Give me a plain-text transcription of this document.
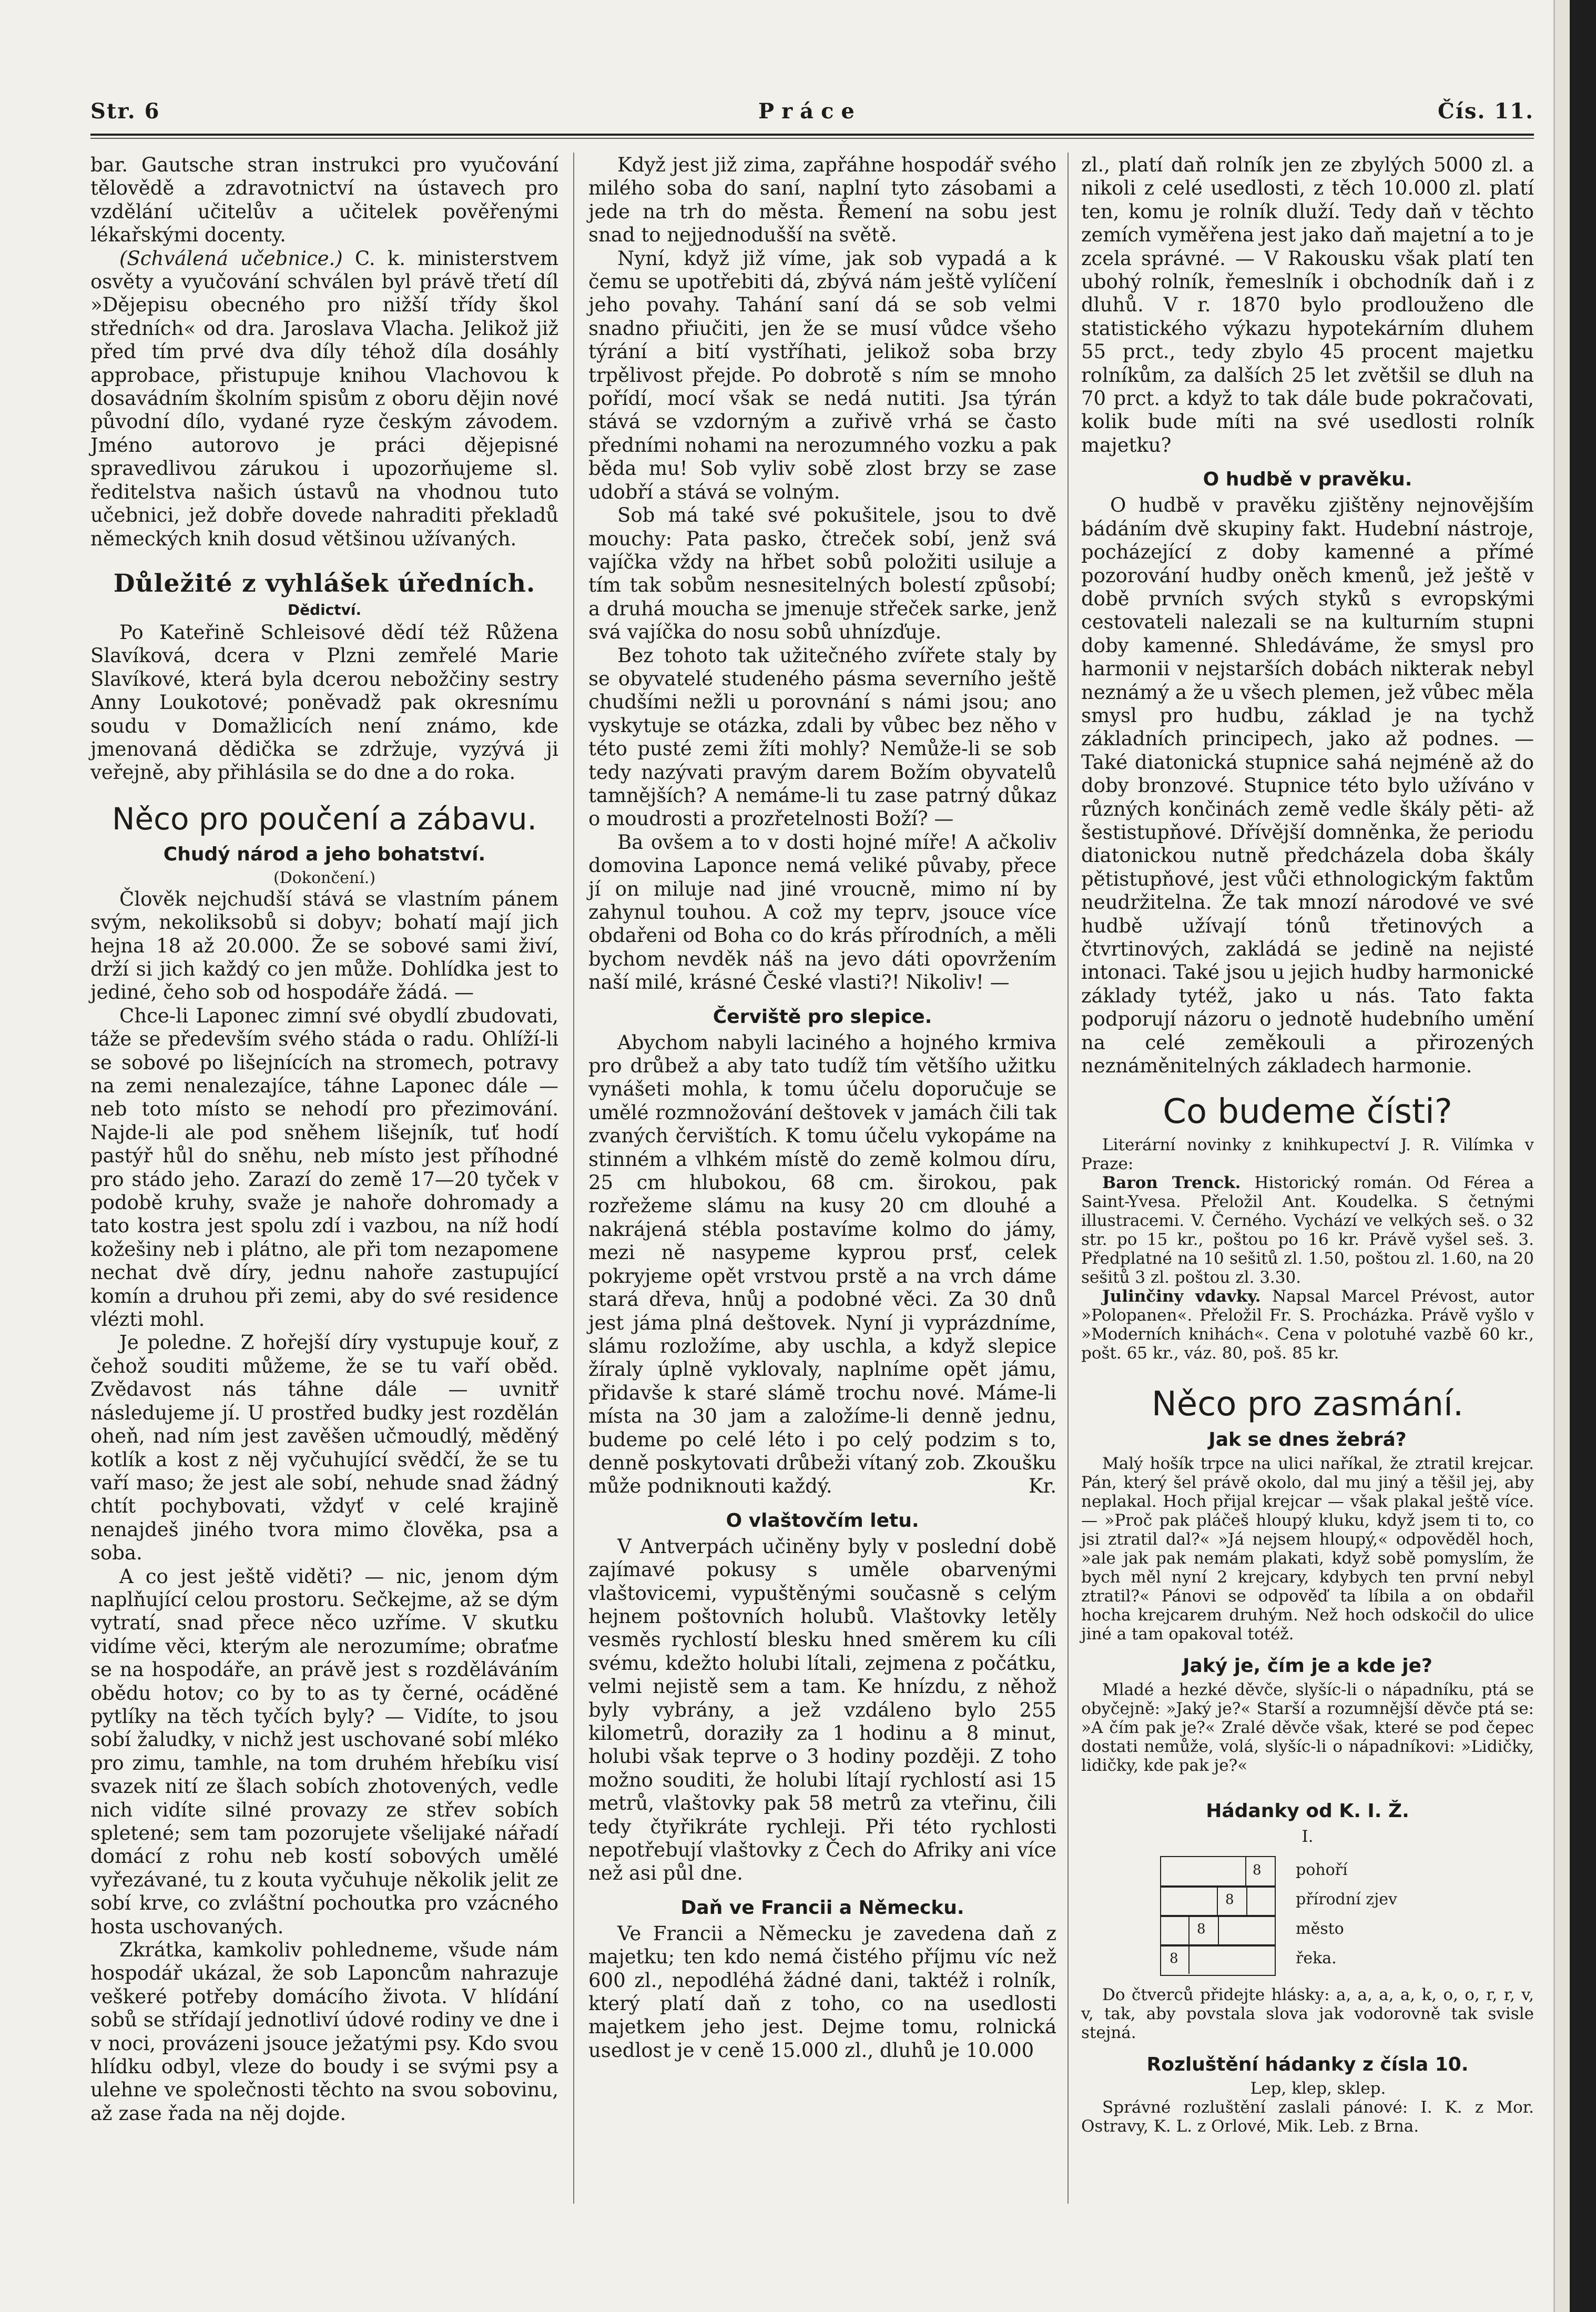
Str. 6	Práce	Čís. 11.

bar. Gautsche stran instrukci pro vyučování tělovědě a zdravotnictví na ústavech pro vzdělání učitelův a učitelek pověřenými lékařskými docenty.

(Schválená učebnice.) C. k. ministerstvem osvěty a vyučování schválen byl právě třetí díl »Dějepisu obecného pro nižší třídy škol středních« od dra. Jaroslava Vlacha. Jelikož již před tím prvé dva díly téhož díla dosáhly approbace, přistupuje knihou Vlachovou k dosavádním školním spisům z oboru dějin nové původní dílo, vydané ryze českým závodem. Jméno autorovo je práci dějepisné spravedlivou zárukou i upozorňujeme sl. ředitelstva našich ústavů na vhodnou tuto učebnici, jež dobře dovede nahraditi překladů německých knih dosud většinou užívaných.

Důležité z vyhlášek úředních.
Dědictví.

Po Kateřině Schleisové dědí též Růžena Slavíková, dcera v Plzni zemřelé Marie Slavíkové, která byla dcerou nebožčiny sestry Anny Loukotové; poněvadž pak okresnímu soudu v Domažlicích není známo, kde jmenovaná dědička se zdržuje, vyzývá ji veřejně, aby přihlásila se do dne a do roka.

Něco pro poučení a zábavu.
Chudý národ a jeho bohatství.
(Dokončení.)

Člověk nejchudší stává se vlastním pánem svým, nekoliksobů si dobyv; bohatí mají jich hejna 18 až 20.000. Že se sobové sami živí, drží si jich každý co jen může. Dohlídka jest to jediné, čeho sob od hospodáře žádá. —

Chce-li Laponec zimní své obydlí zbudovati, táže se především svého stáda o radu. Ohlíží-li se sobové po lišejnících na stromech, potravy na zemi nenalezajíce, táhne Laponec dále — neb toto místo se nehodí pro přezimování. Najde-li ale pod sněhem lišejník, tuť hodí pastýř hůl do sněhu, neb místo jest příhodné pro stádo jeho. Zarazí do země 17—20 tyček v podobě kruhy, svaže je nahoře dohromady a tato kostra jest spolu zdí i vazbou, na níž hodí kožešiny neb i plátno, ale při tom nezapomene nechat dvě díry, jednu nahoře zastupující komín a druhou při zemi, aby do své residence vlézti mohl.

Je poledne. Z hořejší díry vystupuje kouř, z čehož souditi můžeme, že se tu vaří oběd. Zvědavost nás táhne dále — uvnitř následujeme jí. U prostřed budky jest rozdělán oheň, nad ním jest zavěšen učmoudlý, měděný kotlík a kost z něj vyčuhující svědčí, že se tu vaří maso; že jest ale sobí, nehude snad žádný chtít pochybovati, vždyť v celé krajině nenajdeš jiného tvora mimo člověka, psa a soba.

A co jest ještě viděti? — nic, jenom dým naplňující celou prostoru. Sečkejme, až se dým vytratí, snad přece něco uzříme. V skutku vidíme věci, kterým ale nerozumíme; obraťme se na hospodáře, an právě jest s rozděláváním obědu hotov; co by to as ty černé, ocáděné pytlíky na těch tyčích byly? — Vidíte, to jsou sobí žaludky, v nichž jest uschované sobí mléko pro zimu, tamhle, na tom druhém hřebíku visí svazek nití ze šlach sobích zhotovených, vedle nich vidíte silné provazy ze střev sobích spletené; sem tam pozorujete všelijaké nářadí domácí z rohu neb kostí sobových umělé vyřezávané, tu z kouta vyčuhuje několik jelit ze sobí krve, co zvláštní pochoutka pro vzácného hosta uschovaných.

Zkrátka, kamkoliv pohledneme, všude nám hospodář ukázal, že sob Laponcům nahrazuje veškeré potřeby domácího života. V hlídání sobů se střídají jednotliví údové rodiny ve dne i v noci, provázeni jsouce ježatými psy. Kdo svou hlídku odbyl, vleze do boudy i se svými psy a ulehne ve společnosti těchto na svou sobovinu, až zase řada na něj dojde.

Když jest již zima, zapřáhne hospodář svého milého soba do saní, naplní tyto zásobami a jede na trh do města. Řemení na sobu jest snad to nejjednodušší na světě.

Nyní, když již víme, jak sob vypadá a k čemu se upotřebiti dá, zbývá nám ještě vylíčení jeho povahy. Tahání saní dá se sob velmi snadno přiučiti, jen že se musí vůdce všeho týrání a bití vystříhati, jelikož soba brzy trpělivost přejde. Po dobrotě s ním se mnoho pořídí, mocí však se nedá nutiti. Jsa týrán stává se vzdorným a zuřivě vrhá se často předními nohami na nerozumného vozku a pak běda mu! Sob vyliv sobě zlost brzy se zase udobří a stává se volným.

Sob má také své pokušitele, jsou to dvě mouchy: Pata pasko, čtreček sobí, jenž svá vajíčka vždy na hřbet sobů položiti usiluje a tím tak sobům nesnesitelných bolestí způsobí; a druhá moucha se jmenuje střeček sarke, jenž svá vajíčka do nosu sobů uhnízďuje.

Bez tohoto tak užitečného zvířete staly by se obyvatelé studeného pásma severního ještě chudšími nežli u porovnání s námi jsou; ano vyskytuje se otázka, zdali by vůbec bez něho v této pusté zemi žíti mohly? Nemůže-li se sob tedy nazývati pravým darem Božím obyvatelů tamnějších? A nemáme-li tu zase patrný důkaz o moudrosti a prozřetelnosti Boží? —

Ba ovšem a to v dosti hojné míře! A ačkoliv domovina Laponce nemá veliké půvaby, přece jí on miluje nad jiné vroucně, mimo ní by zahynul touhou. A což my teprv, jsouce více obdařeni od Boha co do krás přírodních, a měli bychom nevděk náš na jevo dáti opovržením naší milé, krásné České vlasti?! Nikoliv! —

Červiště pro slepice.

Abychom nabyli laciného a hojného krmiva pro drůbež a aby tato tudíž tím většího užitku vynášeti mohla, k tomu účelu doporučuje se umělé rozmnožování deštovek v jamách čili tak zvaných červištích. K tomu účelu vykopáme na stinném a vlhkém místě do země kolmou díru, 25 cm hlubokou, 68 cm. širokou, pak rozřežeme slámu na kusy 20 cm dlouhé a nakrájená stébla postavíme kolmo do jámy, mezi ně nasypeme kyprou prsť, celek pokryjeme opět vrstvou prstě a na vrch dáme stará dřeva, hnůj a podobné věci. Za 30 dnů jest jáma plná deštovek. Nyní ji vyprázdníme, slámu rozložíme, aby uschla, a když slepice žíraly úplně vyklovaly, naplníme opět jámu, přidavše k staré slámě trochu nové. Máme-li místa na 30 jam a založíme-li denně jednu, budeme po celé léto i po celý podzim s to, denně poskytovati drůbeži vítaný zob. Zkoušku může podniknouti každý.	Kr.

O vlaštovčím letu.

V Antverpách učiněny byly v poslední době zajímavé pokusy s uměle obarvenými vlaštovicemi, vypuštěnými současně s celým hejnem poštovních holubů. Vlaštovky letěly vesměs rychlostí blesku hned směrem ku cíli svému, kdežto holubi lítali, zejmena z počátku, velmi nejistě sem a tam. Ke hnízdu, z něhož byly vybrány, a jež vzdáleno bylo 255 kilometrů, doraziły za 1 hodinu a 8 minut, holubi však teprve o 3 hodiny později. Z toho možno souditi, že holubi lítají rychlostí asi 15 metrů, vlaštovky pak 58 metrů za vteřinu, čili tedy čtyřikráte rychleji. Při této rychlosti nepotřebují vlaštovky z Čech do Afriky ani více než asi půl dne.

Daň ve Francii a Německu.

Ve Francii a Německu je zavedena daň z majetku; ten kdo nemá čistého příjmu víc než 600 zl., nepodléhá žádné dani, taktéž i rolník, který platí daň z toho, co na usedlosti majetkem jeho jest. Dejme tomu, rolnická usedlost je v ceně 15.000 zl., dluhů je 10.000

zl., platí daň rolník jen ze zbylých 5000 zl. a nikoli z celé usedlosti, z těch 10.000 zl. platí ten, komu je rolník dluží. Tedy daň v těchto zemích vyměřena jest jako daň majetní a to je zcela správné. — V Rakousku však platí ten ubohý rolník, řemeslník i obchodník daň i z dluhů. V r. 1870 bylo prodlouženo dle statistického výkazu hypotekárním dluhem 55 prct., tedy zbylo 45 procent majetku rolníkům, za dalších 25 let zvětšil se dluh na 70 prct. a když to tak dále bude pokračovati, kolik bude míti na své usedlosti rolník majetku?

O hudbě v pravěku.

O hudbě v pravěku zjištěny nejnovějším bádáním dvě skupiny fakt. Hudební nástroje, pocházející z doby kamenné a přímé pozorování hudby oněch kmenů, jež ještě v době prvních svých styků s evropskými cestovateli nalezali se na kulturním stupni doby kamenné. Shledáváme, že smysl pro harmonii v nejstarších dobách nikterak nebyl neznámý a že u všech plemen, jež vůbec měla smysl pro hudbu, základ je na tychž základních principech, jako až podnes. — Také diatonická stupnice sahá nejméně až do doby bronzové. Stupnice této bylo užíváno v různých končinách země vedle škály pěti- až šestistupňové. Dřívější domněnka, že periodu diatonickou nutně předcházela doba škály pětistupňové, jest vůči ethnologickým faktům neudržitelna. Že tak mnozí národové ve své hudbě užívají tónů třetinových a čtvrtinových, zakládá se jedině na nejisté intonaci. Také jsou u jejich hudby harmonické základy tytéž, jako u nás. Tato fakta podporují názoru o jednotě hudebního umění na celé zeměkouli a přirozených neznáměnitelných základech harmonie.

Co budeme čísti?

Literární novinky z knihkupectví J. R. Vilímka v Praze:

Baron Trenck. Historický román. Od Férea a Saint-Yvesa. Přeložil Ant. Koudelka. S četnými illustracemi. V. Černého. Vychází ve velkých seš. o 32 str. po 15 kr., poštou po 16 kr. Právě vyšel seš. 3. Předplatné na 10 sešitů zl. 1.50, poštou zl. 1.60, na 20 sešitů 3 zl. poštou zl. 3.30.

Julinčiny vdavky. Napsal Marcel Prévost, autor »Polopanen«. Přeložil Fr. S. Procházka. Právě vyšlo v »Moderních knihách«. Cena v polotuhé vazbě 60 kr., pošt. 65 kr., váz. 80, poš. 85 kr.

Něco pro zasmání.
Jak se dnes žebrá?

Malý hošík trpce na ulici naříkal, že ztratil krejcar. Pán, který šel právě okolo, dal mu jiný a těšil jej, aby neplakal. Hoch přijal krejcar — však plakal ještě více. — »Proč pak pláčeš hloupý kluku, když jsem ti to, co jsi ztratil dal?« »Já nejsem hloupý,« odpověděl hoch, »ale jak pak nemám plakati, když sobě pomyslím, že bych měl nyní 2 krejcary, kdybych ten první nebyl ztratil?« Pánovi se odpověď ta líbila a on obdařil hocha krejcarem druhým. Než hoch odskočil do ulice jiné a tam opakoval totéž.

Jaký je, čím je a kde je?

Mladé a hezké děvče, slyšíc-li o nápadníku, ptá se obyčejně: »Jaký je?« Starší a rozumnější děvče ptá se: »A čím pak je?« Zralé děvče však, které se pod čepec dostati nemůže, volá, slyšíc-li o nápadníkovi: »Lidičky, lidičky, kde pak je?«

Hádanky od K. I. Ž.
I.
8 pohoří
8	přírodní zjev
8	město
8	řeka.

Do čtverců přidejte hlásky: a, a, a, a, k, o, o, r, r, v, v, tak, aby povstala slova jak vodorovně tak svisle stejná.

Rozluštění hádanky z čísla 10.

Lep, klep, sklep.

Správné rozluštění zaslali pánové: I. K. z Mor. Ostravy, K. L. z Orlové, Mik. Leb. z Brna.
